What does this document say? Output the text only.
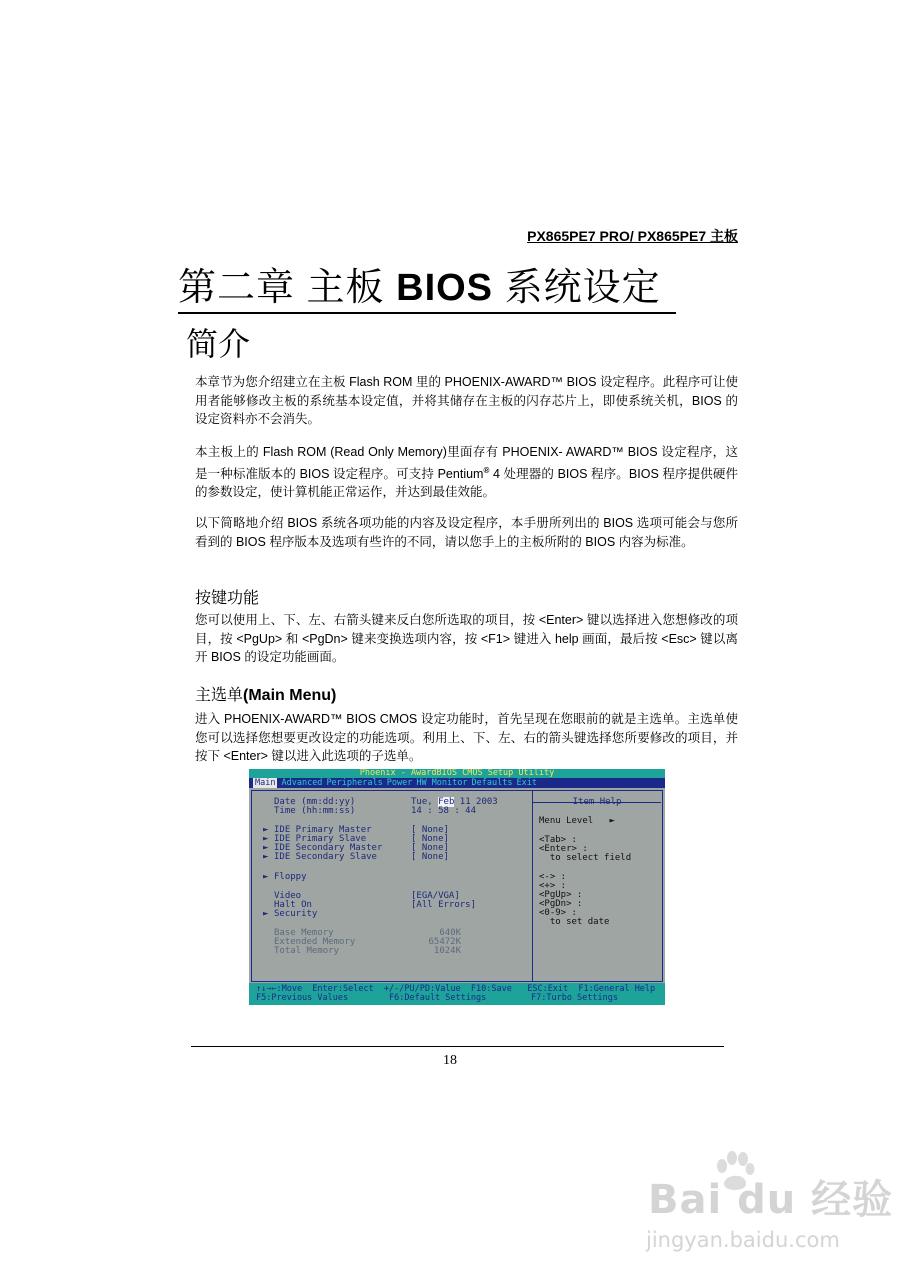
PX865PE7 PRO/ PX865PE7 主板
第二章 主板 BIOS 系统设定
简介
本章节为您介绍建立在主板 Flash ROM 里的 PHOENIX-AWARD™ BIOS 设定程序。此程序可让使用者能够修改主板的系统基本设定值，并将其储存在主板的闪存芯片上，即使系统关机，BIOS 的设定资料亦不会消失。
本主板上的 Flash ROM (Read Only Memory)里面存有 PHOENIX- AWARD™ BIOS 设定程序，这是一种标准版本的 BIOS 设定程序。可支持 Pentium® 4 处理器的 BIOS 程序。BIOS 程序提供硬件的参数设定，使计算机能正常运作，并达到最佳效能。
以下简略地介绍 BIOS 系统各项功能的内容及设定程序，本手册所列出的 BIOS 选项可能会与您所看到的 BIOS 程序版本及选项有些许的不同，请以您手上的主板所附的 BIOS 内容为标准。
按键功能
您可以使用上、下、左、右箭头键来反白您所选取的项目，按 <Enter> 键以选择进入您想修改的项目，按 <PgUp> 和 <PgDn> 键来变换选项内容，按 <F1> 键进入 help 画面，最后按 <Esc> 键以离开 BIOS 的设定功能画面。
主选单(Main Menu)
进入 PHOENIX-AWARD™ BIOS CMOS 设定功能时，首先呈现在您眼前的就是主选单。主选单使您可以选择您想要更改设定的功能选项。利用上、下、左、右的箭头键选择您所要修改的项目，并按下 <Enter> 键以进入此选项的子选单。
Phoenix - AwardBIOS CMOS Setup Utility
Main Advanced Peripherals Power HW Monitor Defaults Exit
Date (mm:dd:yy)	Tue, Feb 11 2003
Time (hh:mm:ss)	14 : 58 : 44
► IDE Primary Master	[ None]
► IDE Primary Slave	[ None]
► IDE Secondary Master	[ None]
► IDE Secondary Slave	[ None]
► Floppy
Video	[EGA/VGA]
Halt On	[All Errors]
► Security
Base Memory	640K
Extended Memory	65472K
Total Memory	1024K
Item Help
Menu Level   ►
<Tab> :
<Enter> :
to select field
<-> :
<+> :
<PgUp> :
<PgDn> :
<0-9> :
to set date
↑↓→←:Move  Enter:Select  +/-/PU/PD:Value  F10:Save   ESC:Exit  F1:General Help
F5:Previous Values	F6:Default Settings	F7:Turbo Settings
18
Bai du 经验
jingyan.baidu.com
